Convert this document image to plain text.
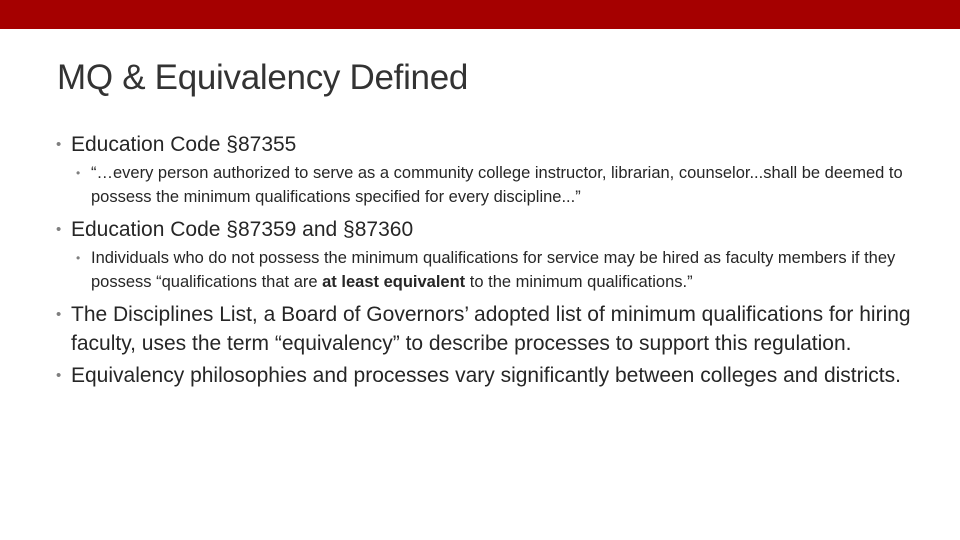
MQ & Equivalency Defined
• Education Code §87355
• “…every person authorized to serve as a community college instructor, librarian, counselor...shall be deemed to possess the minimum qualifications specified for every discipline...”
• Education Code §87359 and §87360
• Individuals who do not possess the minimum qualifications for service may be hired as faculty members if they possess “qualifications that are at least equivalent to the minimum qualifications.”
• The Disciplines List, a Board of Governors’ adopted list of minimum qualifications for hiring faculty, uses the term “equivalency” to describe processes to support this regulation.
• Equivalency philosophies and processes vary significantly between colleges and districts.
